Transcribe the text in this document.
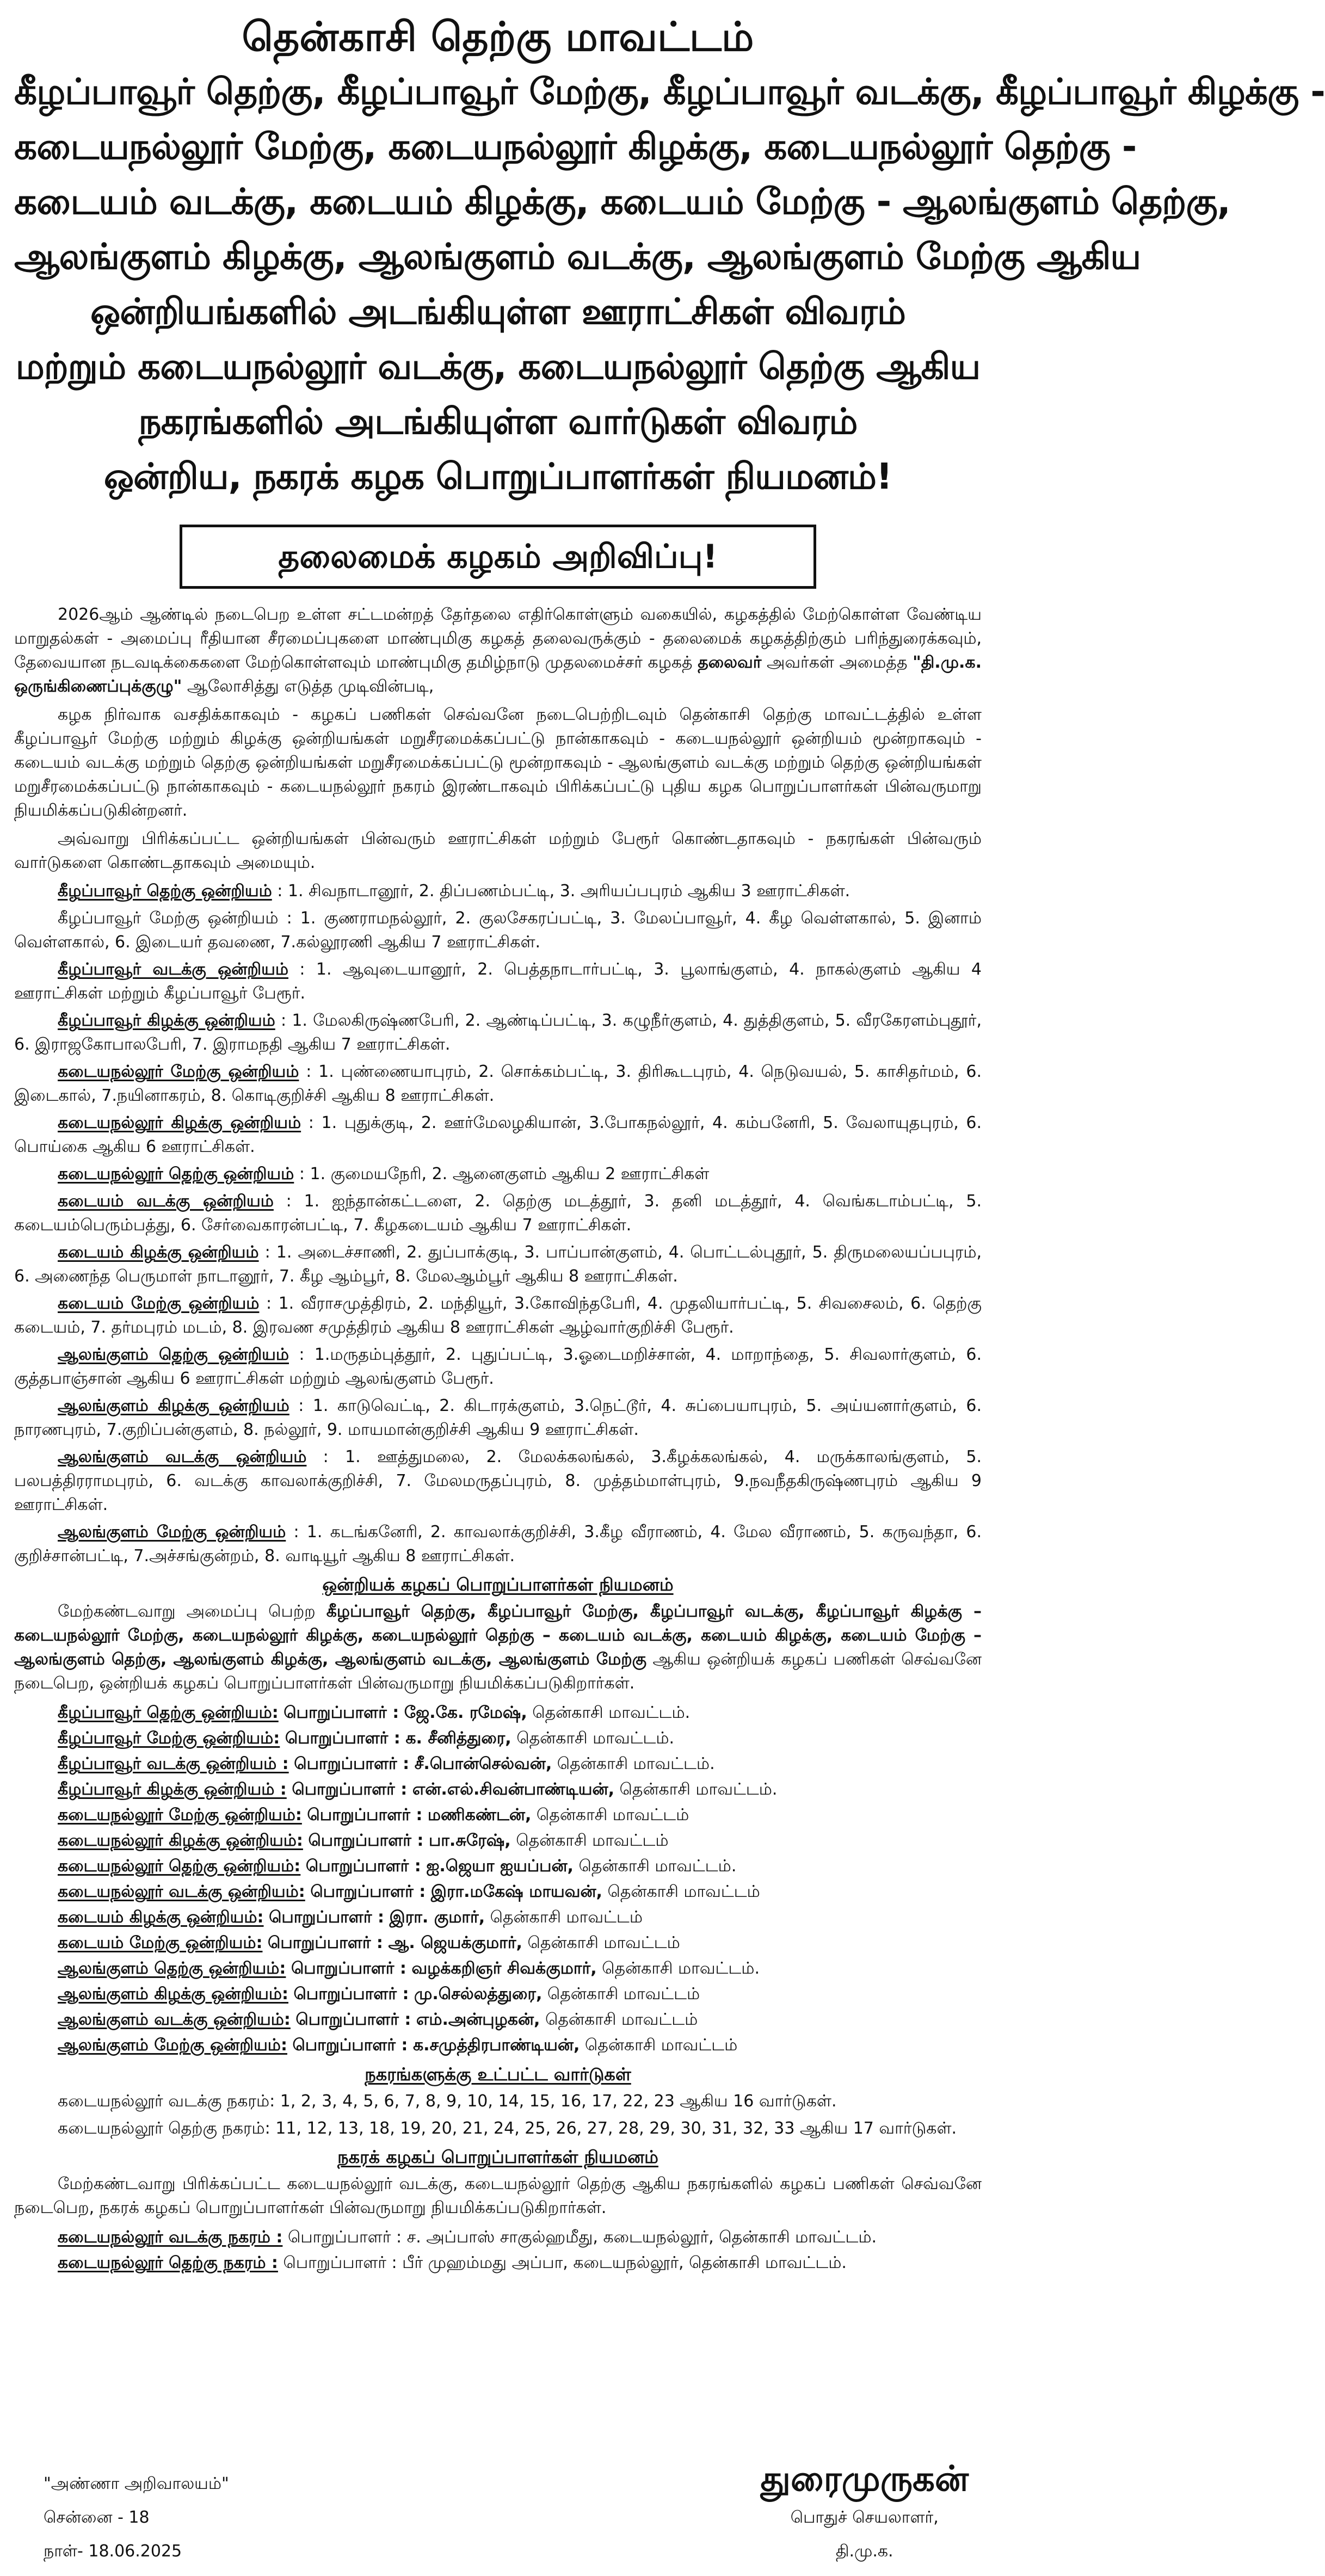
தென்காசி தெற்கு மாவட்டம்

கீழப்பாவூர் தெற்கு, கீழப்பாவூர் மேற்கு, கீழப்பாவூர் வடக்கு, கீழப்பாவூர் கிழக்கு -

கடையநல்லூர் மேற்கு, கடையநல்லூர் கிழக்கு, கடையநல்லூர் தெற்கு -

கடையம் வடக்கு, கடையம் கிழக்கு, கடையம் மேற்கு - ஆலங்குளம் தெற்கு,

ஆலங்குளம் கிழக்கு, ஆலங்குளம் வடக்கு, ஆலங்குளம் மேற்கு ஆகிய

ஒன்றியங்களில் அடங்கியுள்ள ஊராட்சிகள் விவரம்

மற்றும் கடையநல்லூர் வடக்கு, கடையநல்லூர் தெற்கு ஆகிய

நகரங்களில் அடங்கியுள்ள வார்டுகள் விவரம்

ஒன்றிய, நகரக் கழக பொறுப்பாளர்கள் நியமனம்!

தலைமைக் கழகம் அறிவிப்பு!

2026ஆம் ஆண்டில் நடைபெற உள்ள சட்டமன்றத் தேர்தலை எதிர்கொள்ளும் வகையில், கழகத்தில் மேற்கொள்ள வேண்டிய மாறுதல்கள் - அமைப்பு ரீதியான சீரமைப்புகளை மாண்புமிகு கழகத் தலைவருக்கும் - தலைமைக் கழகத்திற்கும் பரிந்துரைக்கவும், தேவையான நடவடிக்கைகளை மேற்கொள்ளவும் மாண்புமிகு தமிழ்நாடு முதலமைச்சர் கழகத் தலைவர் அவர்கள் அமைத்த "தி.மு.க. ஒருங்கிணைப்புக்குழு" ஆலோசித்து எடுத்த முடிவின்படி,

கழக நிர்வாக வசதிக்காகவும் - கழகப் பணிகள் செவ்வனே நடைபெற்றிடவும் தென்காசி தெற்கு மாவட்டத்தில் உள்ள கீழப்பாவூர் மேற்கு மற்றும் கிழக்கு ஒன்றியங்கள் மறுசீரமைக்கப்பட்டு நான்காகவும் - கடையநல்லூர் ஒன்றியம் மூன்றாகவும் - கடையம் வடக்கு மற்றும் தெற்கு ஒன்றியங்கள் மறுசீரமைக்கப்பட்டு மூன்றாகவும் - ஆலங்குளம் வடக்கு மற்றும் தெற்கு ஒன்றியங்கள் மறுசீரமைக்கப்பட்டு நான்காகவும் - கடையநல்லூர் நகரம் இரண்டாகவும் பிரிக்கப்பட்டு புதிய கழக பொறுப்பாளர்கள் பின்வருமாறு நியமிக்கப்படுகின்றனர்.

அவ்வாறு பிரிக்கப்பட்ட ஒன்றியங்கள் பின்வரும் ஊராட்சிகள் மற்றும் பேரூர் கொண்டதாகவும் - நகரங்கள் பின்வரும் வார்டுகளை கொண்டதாகவும் அமையும்.

கீழப்பாவூர் தெற்கு ஒன்றியம் : 1. சிவநாடானூர், 2. திப்பணம்பட்டி, 3. அரியப்பபுரம் ஆகிய 3 ஊராட்சிகள்.

கீழப்பாவூர் மேற்கு ஒன்றியம் : 1. குணராமநல்லூர், 2. குலசேகரப்பட்டி, 3. மேலப்பாவூர், 4. கீழ வெள்ளகால், 5. இனாம் வெள்ளகால், 6. இடையர் தவணை, 7.கல்லூரணி ஆகிய 7 ஊராட்சிகள்.

கீழப்பாவூர் வடக்கு ஒன்றியம் : 1. ஆவுடையானூர், 2. பெத்தநாடார்பட்டி, 3. பூலாங்குளம், 4. நாகல்குளம் ஆகிய 4 ஊராட்சிகள் மற்றும் கீழப்பாவூர் பேரூர்.

கீழப்பாவூர் கிழக்கு ஒன்றியம் : 1. மேலகிருஷ்ணபேரி, 2. ஆண்டிப்பட்டி, 3. கழுநீர்குளம், 4. துத்திகுளம், 5. வீரகேரளம்புதூர், 6. இராஜகோபாலபேரி, 7. இராமநதி ஆகிய 7 ஊராட்சிகள்.

கடையநல்லூர் மேற்கு ஒன்றியம் : 1. புண்ணையாபுரம், 2. சொக்கம்பட்டி, 3. திரிகூடபுரம், 4. நெடுவயல், 5. காசிதர்மம், 6. இடைகால், 7.நயினாகரம், 8. கொடிகுறிச்சி ஆகிய 8 ஊராட்சிகள்.

கடையநல்லூர் கிழக்கு ஒன்றியம் : 1. புதுக்குடி, 2. ஊர்மேலழகியான், 3.போகநல்லூர், 4. கம்பனேரி, 5. வேலாயுதபுரம், 6. பொய்கை ஆகிய 6 ஊராட்சிகள்.

கடையநல்லூர் தெற்கு ஒன்றியம் : 1. குமையநேரி, 2. ஆனைகுளம் ஆகிய 2 ஊராட்சிகள்

கடையம் வடக்கு ஒன்றியம் : 1. ஐந்தான்கட்டளை, 2. தெற்கு மடத்தூர், 3. தனி மடத்தூர், 4. வெங்கடாம்பட்டி, 5. கடையம்பெரும்பத்து, 6. சேர்வைகாரன்பட்டி, 7. கீழகடையம் ஆகிய 7 ஊராட்சிகள்.

கடையம் கிழக்கு ஒன்றியம் : 1. அடைச்சாணி, 2. துப்பாக்குடி, 3. பாப்பான்குளம், 4. பொட்டல்புதூர், 5. திருமலையப்பபுரம், 6. அணைந்த பெருமாள் நாடானூர், 7. கீழ ஆம்பூர், 8. மேலஆம்பூர் ஆகிய 8 ஊராட்சிகள்.

கடையம் மேற்கு ஒன்றியம் : 1. வீராசமுத்திரம், 2. மந்தியூர், 3.கோவிந்தபேரி, 4. முதலியார்பட்டி, 5. சிவசைலம், 6. தெற்கு கடையம், 7. தர்மபுரம் மடம், 8. இரவண சமுத்திரம் ஆகிய 8 ஊராட்சிகள் ஆழ்வார்குறிச்சி பேரூர்.

ஆலங்குளம் தெற்கு ஒன்றியம் : 1.மருதம்புத்தூர், 2. புதுப்பட்டி, 3.ஓடைமறிச்சான், 4. மாறாந்தை, 5. சிவலார்குளம், 6. குத்தபாஞ்சான் ஆகிய 6 ஊராட்சிகள் மற்றும் ஆலங்குளம் பேரூர்.

ஆலங்குளம் கிழக்கு ஒன்றியம் : 1. காடுவெட்டி, 2. கிடாரக்குளம், 3.நெட்டூர், 4. சுப்பையாபுரம், 5. அய்யனார்குளம், 6. நாரணபுரம், 7.குறிப்பன்குளம், 8. நல்லூர், 9. மாயமான்குறிச்சி ஆகிய 9 ஊராட்சிகள்.

ஆலங்குளம் வடக்கு ஒன்றியம் : 1. ஊத்துமலை, 2. மேலக்கலங்கல், 3.கீழக்கலங்கல், 4. மருக்காலங்குளம், 5. பலபத்திரராமபுரம், 6. வடக்கு காவலாக்குறிச்சி, 7. மேலமருதப்புரம், 8. முத்தம்மாள்புரம், 9.நவநீதகிருஷ்ணபுரம் ஆகிய 9 ஊராட்சிகள்.

ஆலங்குளம் மேற்கு ஒன்றியம் : 1. கடங்கனேரி, 2. காவலாக்குறிச்சி, 3.கீழ வீராணம், 4. மேல வீராணம், 5. கருவந்தா, 6. குறிச்சான்பட்டி, 7.அச்சங்குன்றம், 8. வாடியூர் ஆகிய 8 ஊராட்சிகள்.

ஒன்றியக் கழகப் பொறுப்பாளர்கள் நியமனம்

மேற்கண்டவாறு அமைப்பு பெற்ற கீழப்பாவூர் தெற்கு, கீழப்பாவூர் மேற்கு, கீழப்பாவூர் வடக்கு, கீழப்பாவூர் கிழக்கு – கடையநல்லூர் மேற்கு, கடையநல்லூர் கிழக்கு, கடையநல்லூர் தெற்கு – கடையம் வடக்கு, கடையம் கிழக்கு, கடையம் மேற்கு – ஆலங்குளம் தெற்கு, ஆலங்குளம் கிழக்கு, ஆலங்குளம் வடக்கு, ஆலங்குளம் மேற்கு ஆகிய ஒன்றியக் கழகப் பணிகள் செவ்வனே நடைபெற, ஒன்றியக் கழகப் பொறுப்பாளர்கள் பின்வருமாறு நியமிக்கப்படுகிறார்கள்.

கீழப்பாவூர் தெற்கு ஒன்றியம்: பொறுப்பாளர் : ஜே.கே. ரமேஷ், தென்காசி மாவட்டம்.

கீழப்பாவூர் மேற்கு ஒன்றியம்: பொறுப்பாளர் : க. சீனித்துரை, தென்காசி மாவட்டம்.

கீழப்பாவூர் வடக்கு ஒன்றியம் : பொறுப்பாளர் : சீ.பொன்செல்வன், தென்காசி மாவட்டம்.

கீழப்பாவூர் கிழக்கு ஒன்றியம் : பொறுப்பாளர் : என்.எல்.சிவன்பாண்டியன், தென்காசி மாவட்டம்.

கடையநல்லூர் மேற்கு ஒன்றியம்: பொறுப்பாளர் : மணிகண்டன், தென்காசி மாவட்டம்

கடையநல்லூர் கிழக்கு ஒன்றியம்: பொறுப்பாளர் : பா.சுரேஷ், தென்காசி மாவட்டம்

கடையநல்லூர் தெற்கு ஒன்றியம்: பொறுப்பாளர் : ஐ.ஜெயா ஐயப்பன், தென்காசி மாவட்டம்.

கடையநல்லூர் வடக்கு ஒன்றியம்: பொறுப்பாளர் : இரா.மகேஷ் மாயவன், தென்காசி மாவட்டம்

கடையம் கிழக்கு ஒன்றியம்: பொறுப்பாளர் : இரா. குமார், தென்காசி மாவட்டம்

கடையம் மேற்கு ஒன்றியம்: பொறுப்பாளர் : ஆ. ஜெயக்குமார், தென்காசி மாவட்டம்

ஆலங்குளம் தெற்கு ஒன்றியம்: பொறுப்பாளர் : வழக்கறிஞர் சிவக்குமார், தென்காசி மாவட்டம்.

ஆலங்குளம் கிழக்கு ஒன்றியம்: பொறுப்பாளர் : மு.செல்லத்துரை, தென்காசி மாவட்டம்

ஆலங்குளம் வடக்கு ஒன்றியம்: பொறுப்பாளர் : எம்.அன்புழகன், தென்காசி மாவட்டம்

ஆலங்குளம் மேற்கு ஒன்றியம்: பொறுப்பாளர் : க.சமுத்திரபாண்டியன், தென்காசி மாவட்டம்

நகரங்களுக்கு உட்பட்ட வார்டுகள்

கடையநல்லூர் வடக்கு நகரம்: 1, 2, 3, 4, 5, 6, 7, 8, 9, 10, 14, 15, 16, 17, 22, 23 ஆகிய 16 வார்டுகள்.

கடையநல்லூர் தெற்கு நகரம்: 11, 12, 13, 18, 19, 20, 21, 24, 25, 26, 27, 28, 29, 30, 31, 32, 33 ஆகிய 17 வார்டுகள்.

நகரக் கழகப் பொறுப்பாளர்கள் நியமனம்

மேற்கண்டவாறு பிரிக்கப்பட்ட கடையநல்லூர் வடக்கு, கடையநல்லூர் தெற்கு ஆகிய நகரங்களில் கழகப் பணிகள் செவ்வனே நடைபெற, நகரக் கழகப் பொறுப்பாளர்கள் பின்வருமாறு நியமிக்கப்படுகிறார்கள்.

கடையநல்லூர் வடக்கு நகரம் : பொறுப்பாளர் : ச. அப்பாஸ் சாகுல்ஹமீது, கடையநல்லூர், தென்காசி மாவட்டம்.

கடையநல்லூர் தெற்கு நகரம் : பொறுப்பாளர் : பீர் முஹம்மது அப்பா, கடையநல்லூர், தென்காசி மாவட்டம்.

"அண்ணா அறிவாலயம்"
சென்னை - 18
நாள்- 18.06.2025
துரைமுருகன்
பொதுச் செயலாளர்,
தி.மு.க.
